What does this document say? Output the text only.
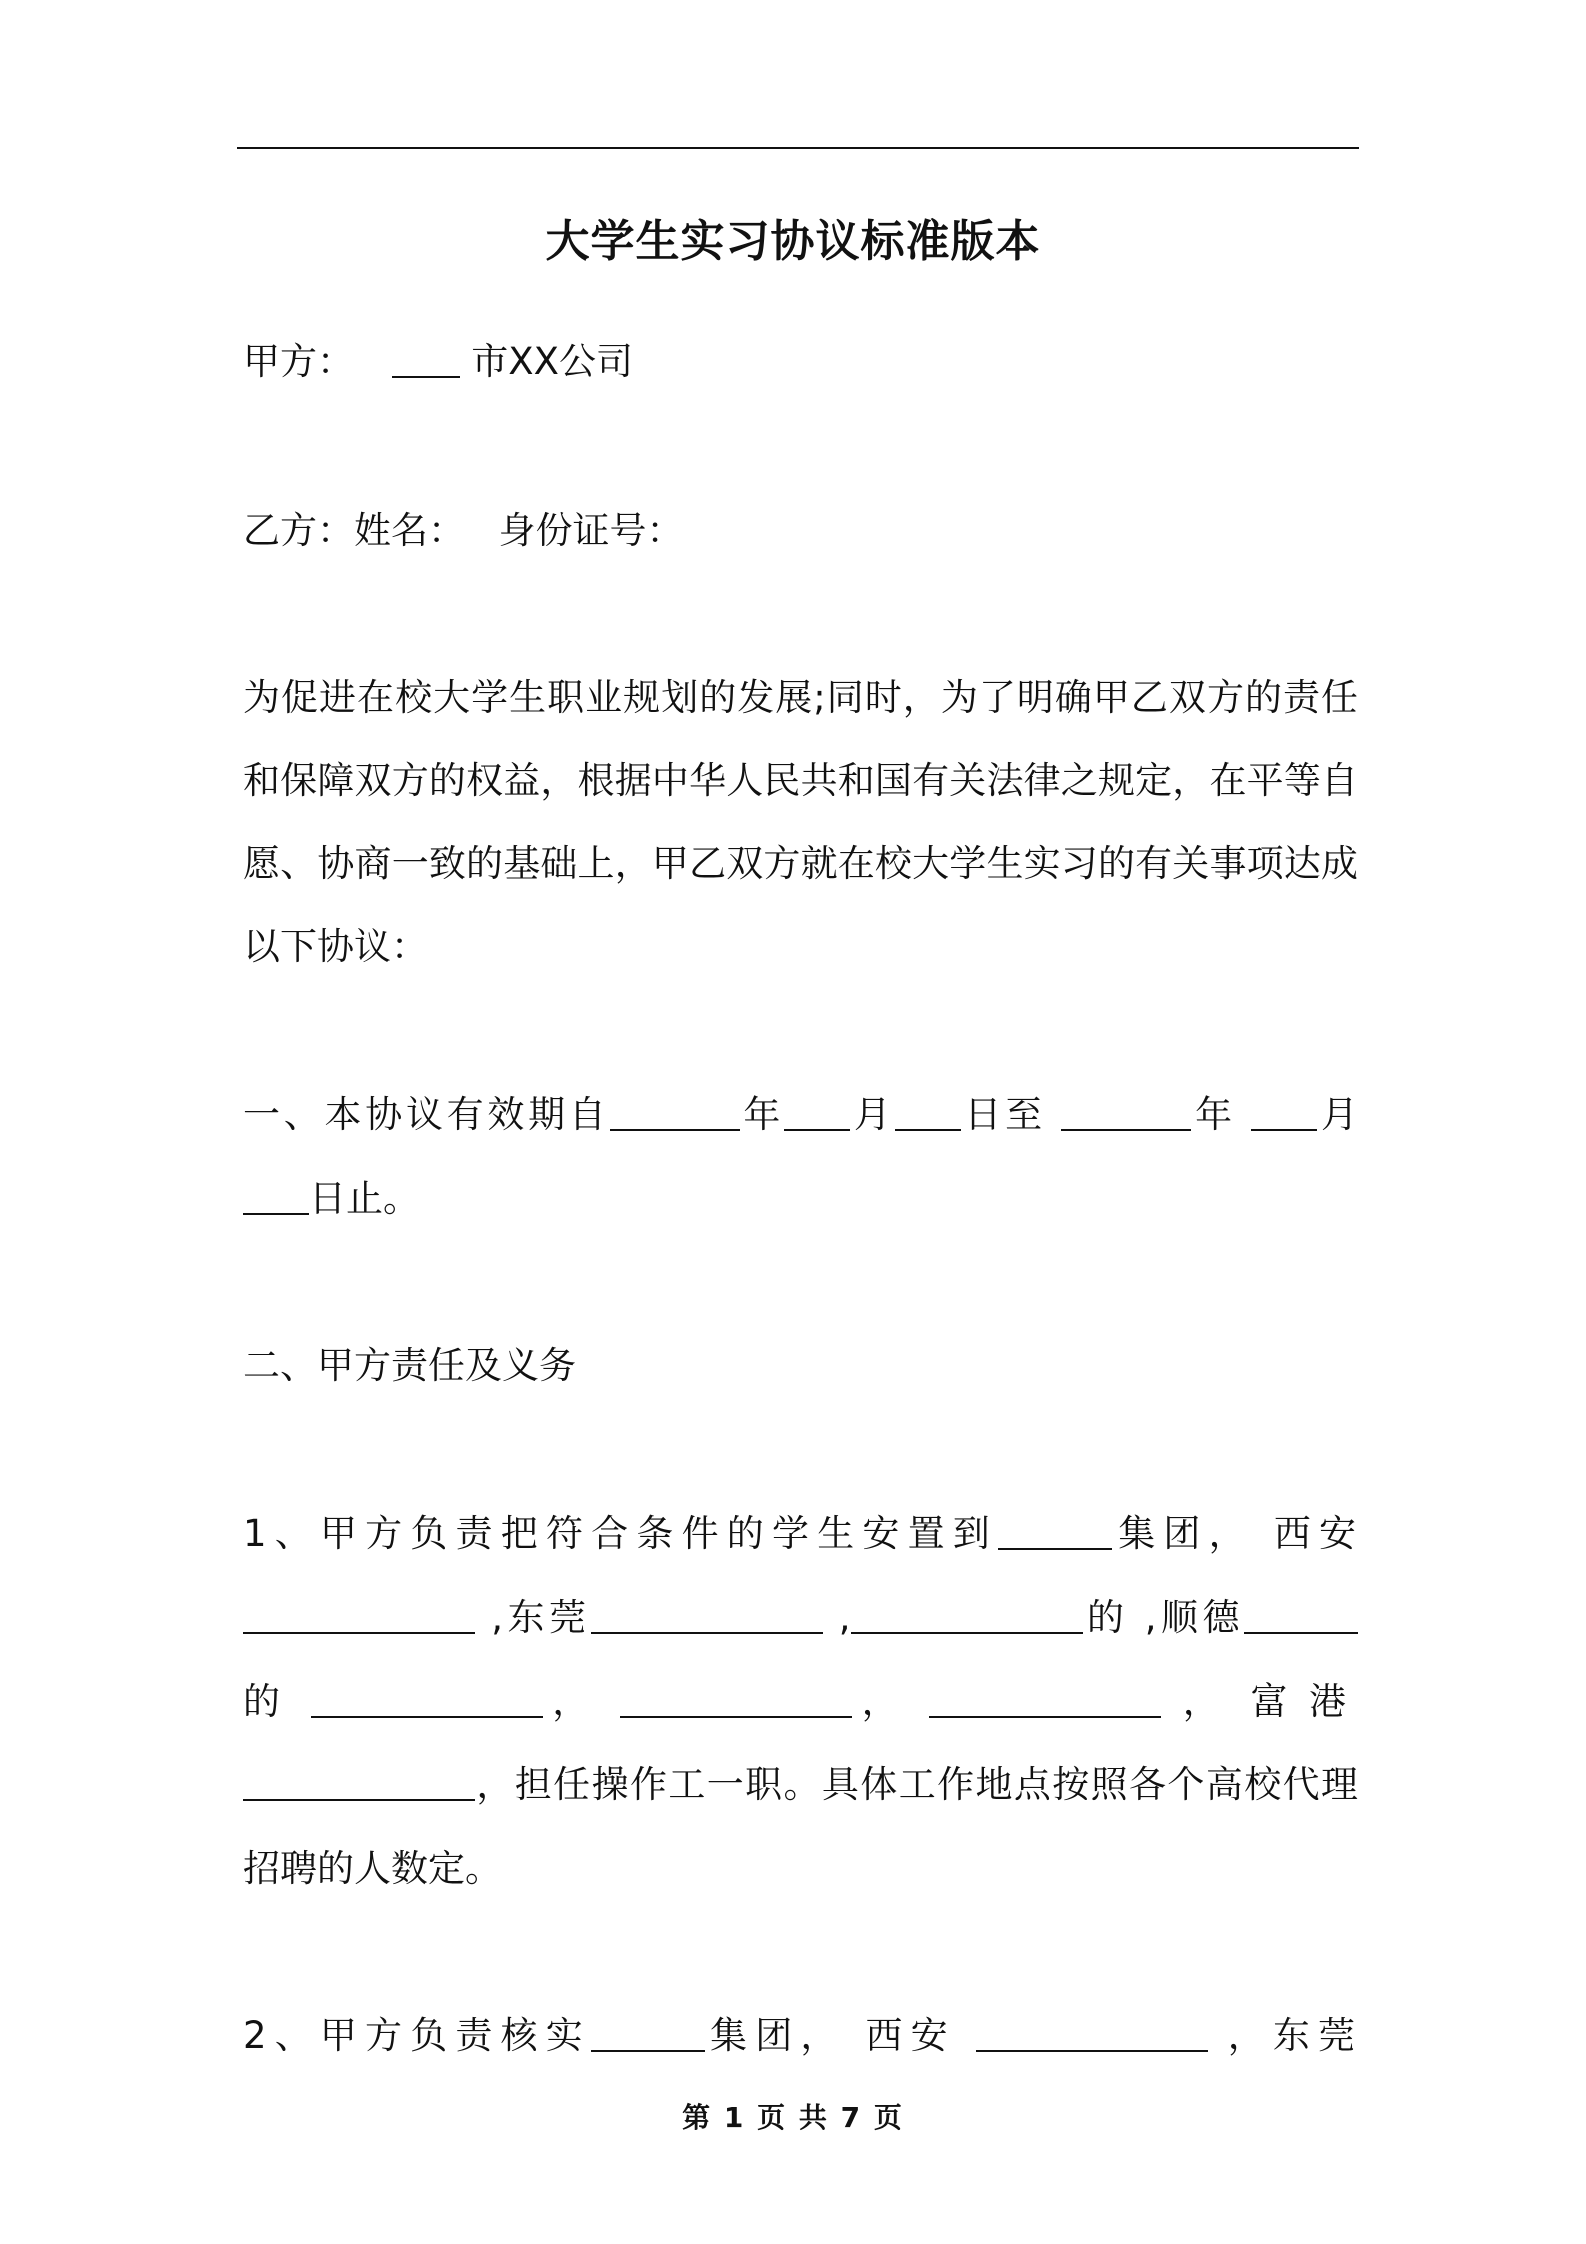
大学生实习协议标准版本
甲方：	市XX公司
乙方：姓名： 身份证号：
为促进在校大学生职业规划的发展;同时，为了明确甲乙双方的责任
和保障双方的权益，根据中华人民共和国有关法律之规定，在平等自
愿、协商一致的基础上，甲乙双方就在校大学生实习的有关事项达成
以下协议：
一、本协议有效期自	年 月 日至	年 月
日止。
二、甲方责任及义务
1、甲方负责把符合条件的学生安置到	集团， 西安
,东莞	,	的 ,顺德
的	，	，	， 富港
，担任操作工一职。具体工作地点按照各个高校代理
招聘的人数定。
2、甲方负责核实	集团， 西安	，东莞
第 1 页 共 7 页
